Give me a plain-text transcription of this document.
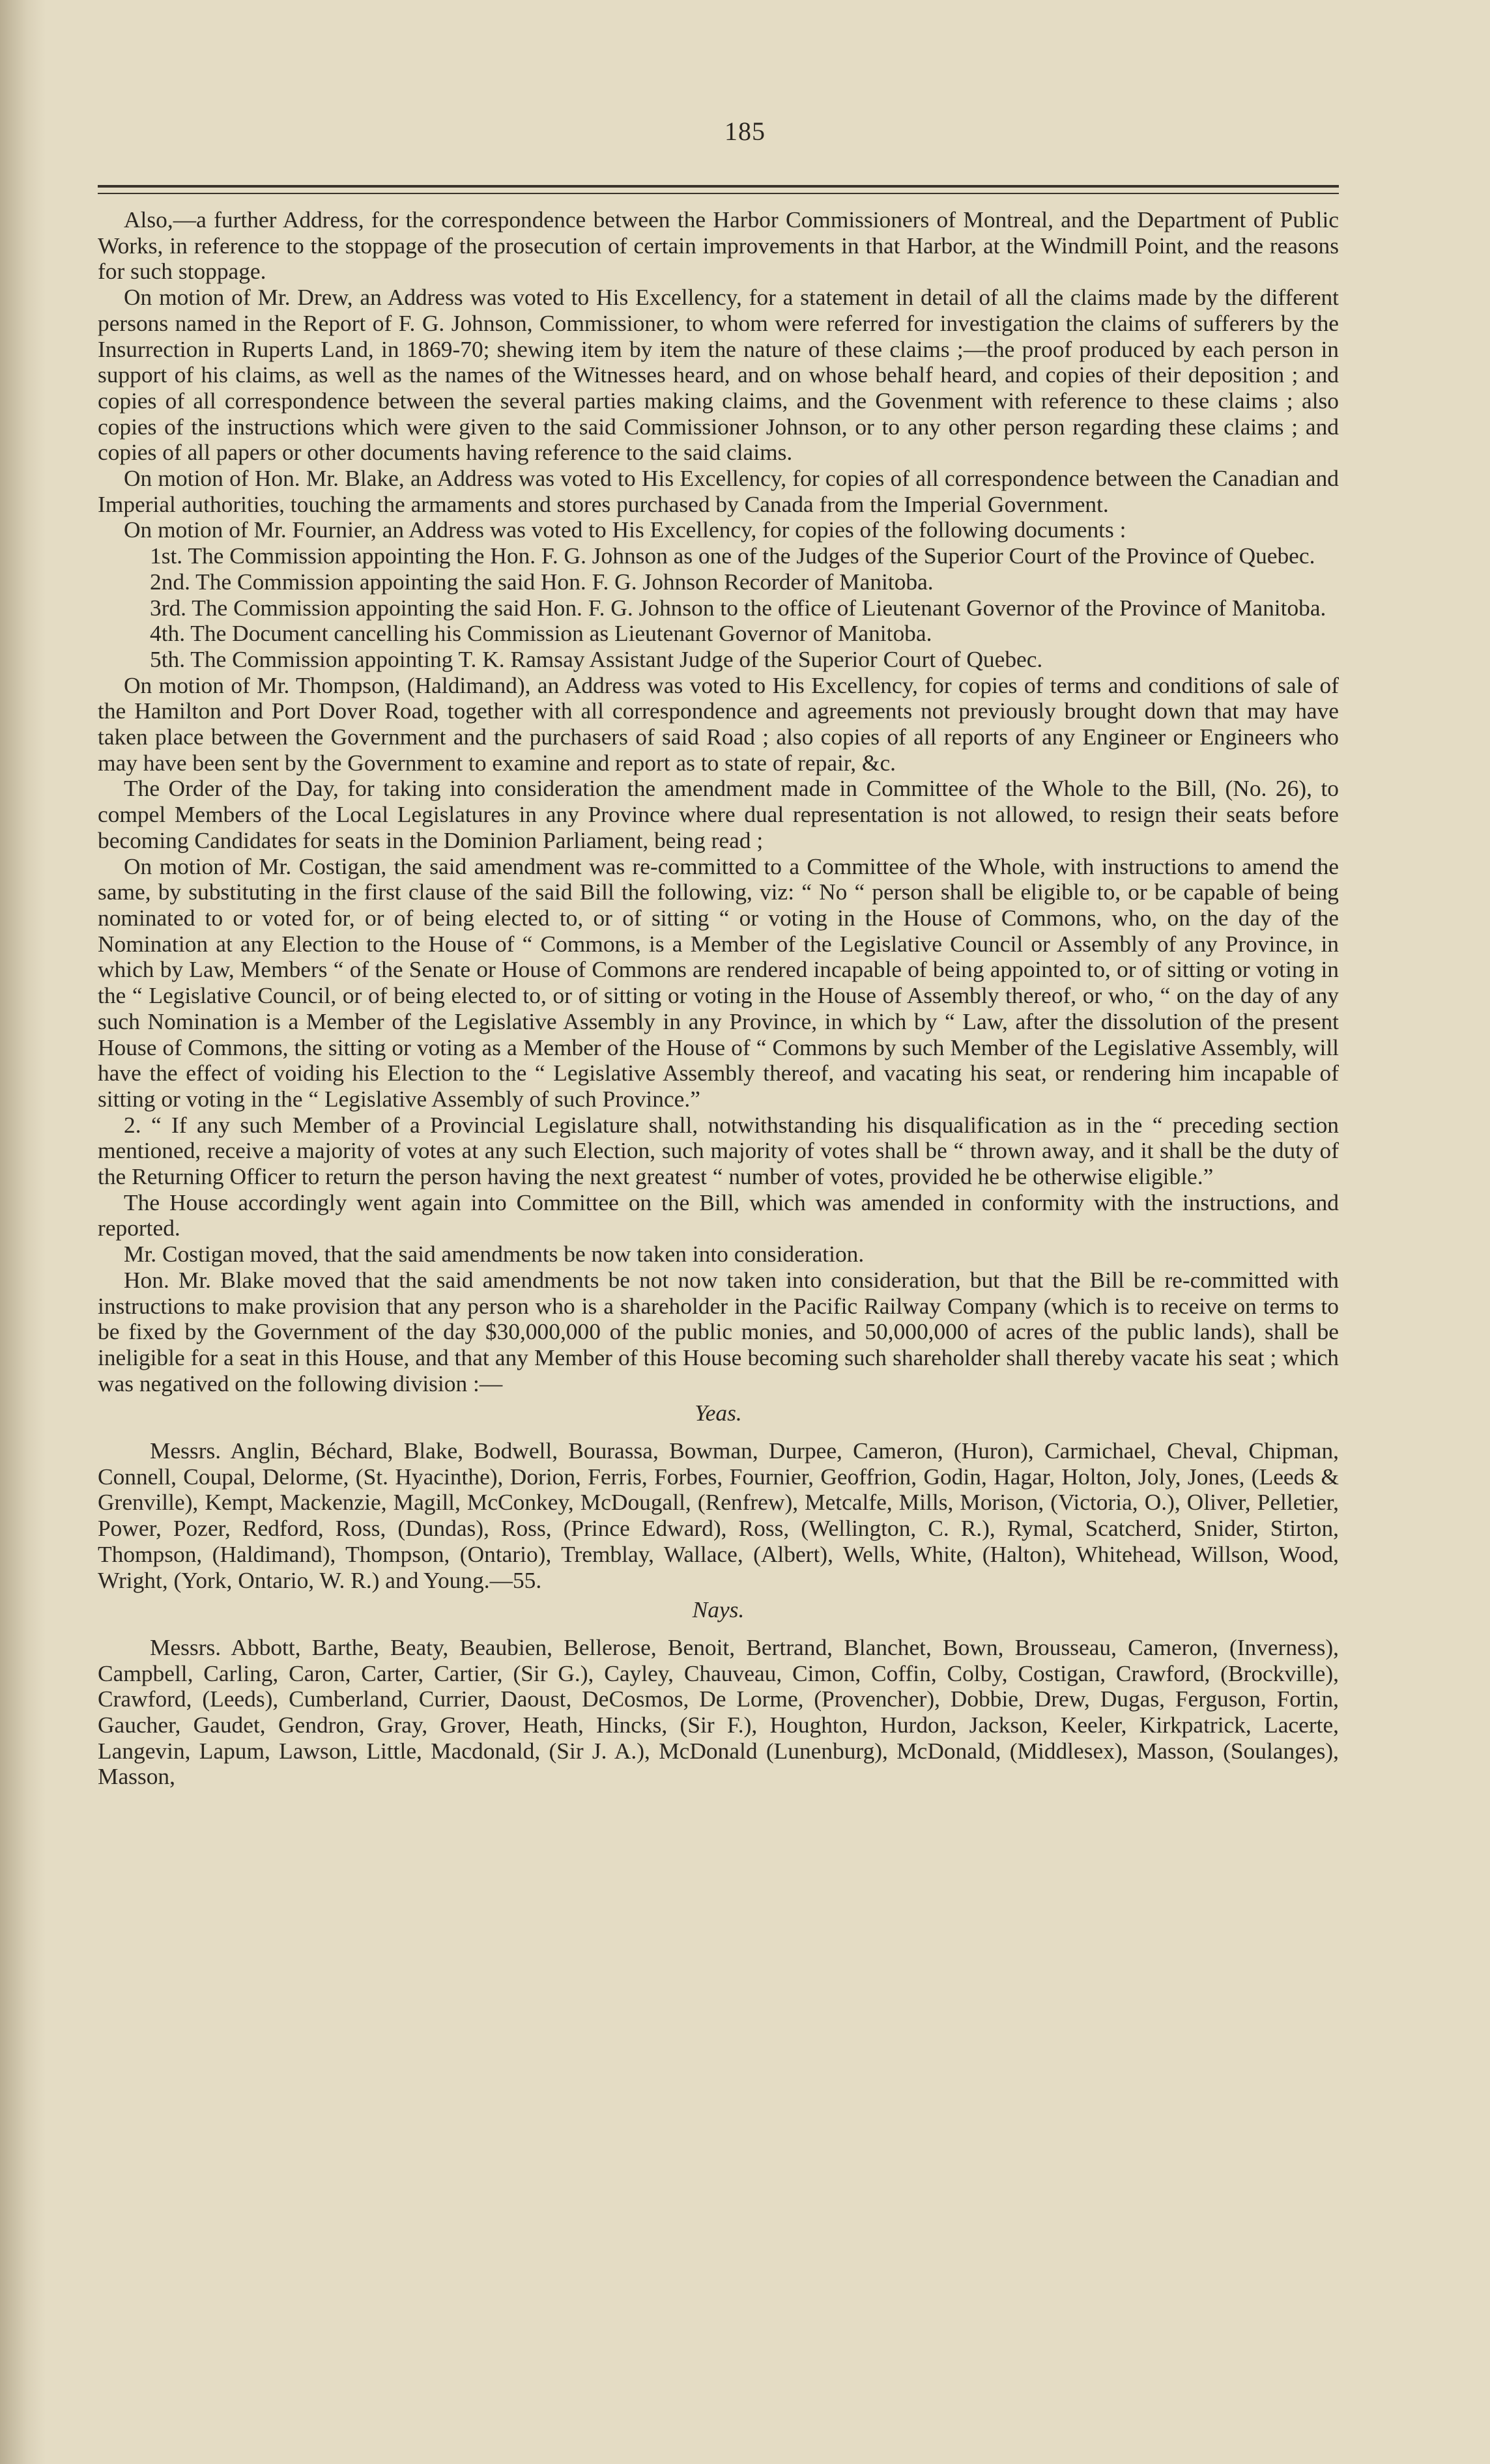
185

Also,—a further Address, for the correspondence between the Harbor Commissioners of Montreal, and the Department of Public Works, in reference to the stoppage of the prosecution of certain improvements in that Harbor, at the Windmill Point, and the reasons for such stoppage.

On motion of Mr. Drew, an Address was voted to His Excellency, for a statement in detail of all the claims made by the different persons named in the Report of F. G. Johnson, Commissioner, to whom were referred for investigation the claims of sufferers by the Insurrection in Ruperts Land, in 1869-70; shewing item by item the nature of these claims ;—the proof produced by each person in support of his claims, as well as the names of the Witnesses heard, and on whose behalf heard, and copies of their deposition ; and copies of all correspondence between the several parties making claims, and the Govenment with reference to these claims ; also copies of the instructions which were given to the said Commissioner Johnson, or to any other person regarding these claims ; and copies of all papers or other documents having reference to the said claims.

On motion of Hon. Mr. Blake, an Address was voted to His Excellency, for copies of all correspondence between the Canadian and Imperial authorities, touching the armaments and stores purchased by Canada from the Imperial Government.

On motion of Mr. Fournier, an Address was voted to His Excellency, for copies of the following documents :

1st. The Commission appointing the Hon. F. G. Johnson as one of the Judges of the Superior Court of the Province of Quebec.

2nd. The Commission appointing the said Hon. F. G. Johnson Recorder of Manitoba.

3rd. The Commission appointing the said Hon. F. G. Johnson to the office of Lieutenant Governor of the Province of Manitoba.

4th. The Document cancelling his Commission as Lieutenant Governor of Manitoba.

5th. The Commission appointing T. K. Ramsay Assistant Judge of the Superior Court of Quebec.

On motion of Mr. Thompson, (Haldimand), an Address was voted to His Excellency, for copies of terms and conditions of sale of the Hamilton and Port Dover Road, together with all correspondence and agreements not previously brought down that may have taken place between the Government and the purchasers of said Road ; also copies of all reports of any Engineer or Engineers who may have been sent by the Government to examine and report as to state of repair, &c.

The Order of the Day, for taking into consideration the amendment made in Committee of the Whole to the Bill, (No. 26), to compel Members of the Local Legislatures in any Province where dual representation is not allowed, to resign their seats before becoming Candidates for seats in the Dominion Parliament, being read ;

On motion of Mr. Costigan, the said amendment was re-committed to a Committee of the Whole, with instructions to amend the same, by substituting in the first clause of the said Bill the following, viz: “ No “ person shall be eligible to, or be capable of being nominated to or voted for, or of being elected to, or of sitting “ or voting in the House of Commons, who, on the day of the Nomination at any Election to the House of “ Commons, is a Member of the Legislative Council or Assembly of any Province, in which by Law, Members “ of the Senate or House of Commons are rendered incapable of being appointed to, or of sitting or voting in the “ Legislative Council, or of being elected to, or of sitting or voting in the House of Assembly thereof, or who, “ on the day of any such Nomination is a Member of the Legislative Assembly in any Province, in which by “ Law, after the dissolution of the present House of Commons, the sitting or voting as a Member of the House of “ Commons by such Member of the Legislative Assembly, will have the effect of voiding his Election to the “ Legislative Assembly thereof, and vacating his seat, or rendering him incapable of sitting or voting in the “ Legislative Assembly of such Province.”

2. “ If any such Member of a Provincial Legislature shall, notwithstanding his disqualification as in the “ preceding section mentioned, receive a majority of votes at any such Election, such majority of votes shall be “ thrown away, and it shall be the duty of the Returning Officer to return the person having the next greatest “ number of votes, provided he be otherwise eligible.”

The House accordingly went again into Committee on the Bill, which was amended in conformity with the instructions, and reported.

Mr. Costigan moved, that the said amendments be now taken into consideration.

Hon. Mr. Blake moved that the said amendments be not now taken into consideration, but that the Bill be re-committed with instructions to make provision that any person who is a shareholder in the Pacific Railway Company (which is to receive on terms to be fixed by the Government of the day $30,000,000 of the public monies, and 50,000,000 of acres of the public lands), shall be ineligible for a seat in this House, and that any Member of this House becoming such shareholder shall thereby vacate his seat ; which was negatived on the following division :—

Yeas.

Messrs. Anglin, Béchard, Blake, Bodwell, Bourassa, Bowman, Durpee, Cameron, (Huron), Carmichael, Cheval, Chipman, Connell, Coupal, Delorme, (St. Hyacinthe), Dorion, Ferris, Forbes, Fournier, Geoffrion, Godin, Hagar, Holton, Joly, Jones, (Leeds & Grenville), Kempt, Mackenzie, Magill, McConkey, McDougall, (Renfrew), Metcalfe, Mills, Morison, (Victoria, O.), Oliver, Pelletier, Power, Pozer, Redford, Ross, (Dundas), Ross, (Prince Edward), Ross, (Wellington, C. R.), Rymal, Scatcherd, Snider, Stirton, Thompson, (Haldimand), Thompson, (Ontario), Tremblay, Wallace, (Albert), Wells, White, (Halton), Whitehead, Willson, Wood, Wright, (York, Ontario, W. R.) and Young.—55.

Nays.

Messrs. Abbott, Barthe, Beaty, Beaubien, Bellerose, Benoit, Bertrand, Blanchet, Bown, Brousseau, Cameron, (Inverness), Campbell, Carling, Caron, Carter, Cartier, (Sir G.), Cayley, Chauveau, Cimon, Coffin, Colby, Costigan, Crawford, (Brockville), Crawford, (Leeds), Cumberland, Currier, Daoust, DeCosmos, De Lorme, (Provencher), Dobbie, Drew, Dugas, Ferguson, Fortin, Gaucher, Gaudet, Gendron, Gray, Grover, Heath, Hincks, (Sir F.), Houghton, Hurdon, Jackson, Keeler, Kirkpatrick, Lacerte, Langevin, Lapum, Lawson, Little, Macdonald, (Sir J. A.), McDonald (Lunenburg), McDonald, (Middlesex), Masson, (Soulanges), Masson,
